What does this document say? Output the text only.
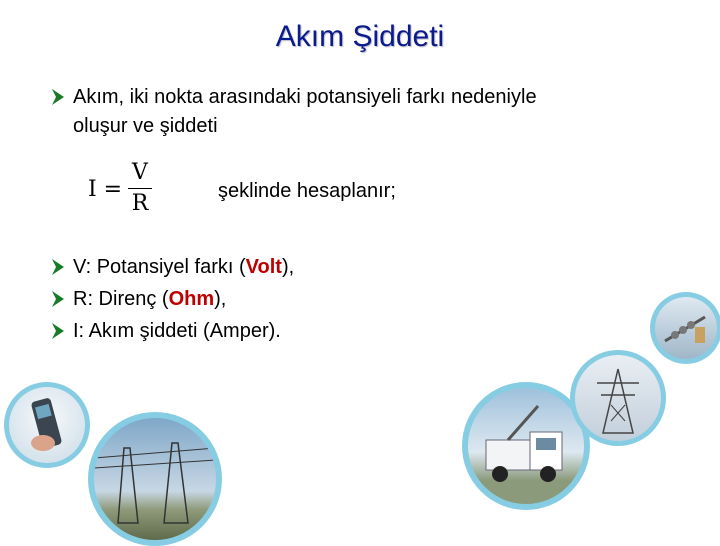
Akım Şiddeti
Akım, iki nokta arasındaki potansiyeli farkı nedeniyle
oluşur ve şiddeti
I =
V
R	şeklinde hesaplanır;
V: Potansiyel farkı (Volt),
R: Direnç (Ohm),
I: Akım şiddeti (Amper).
